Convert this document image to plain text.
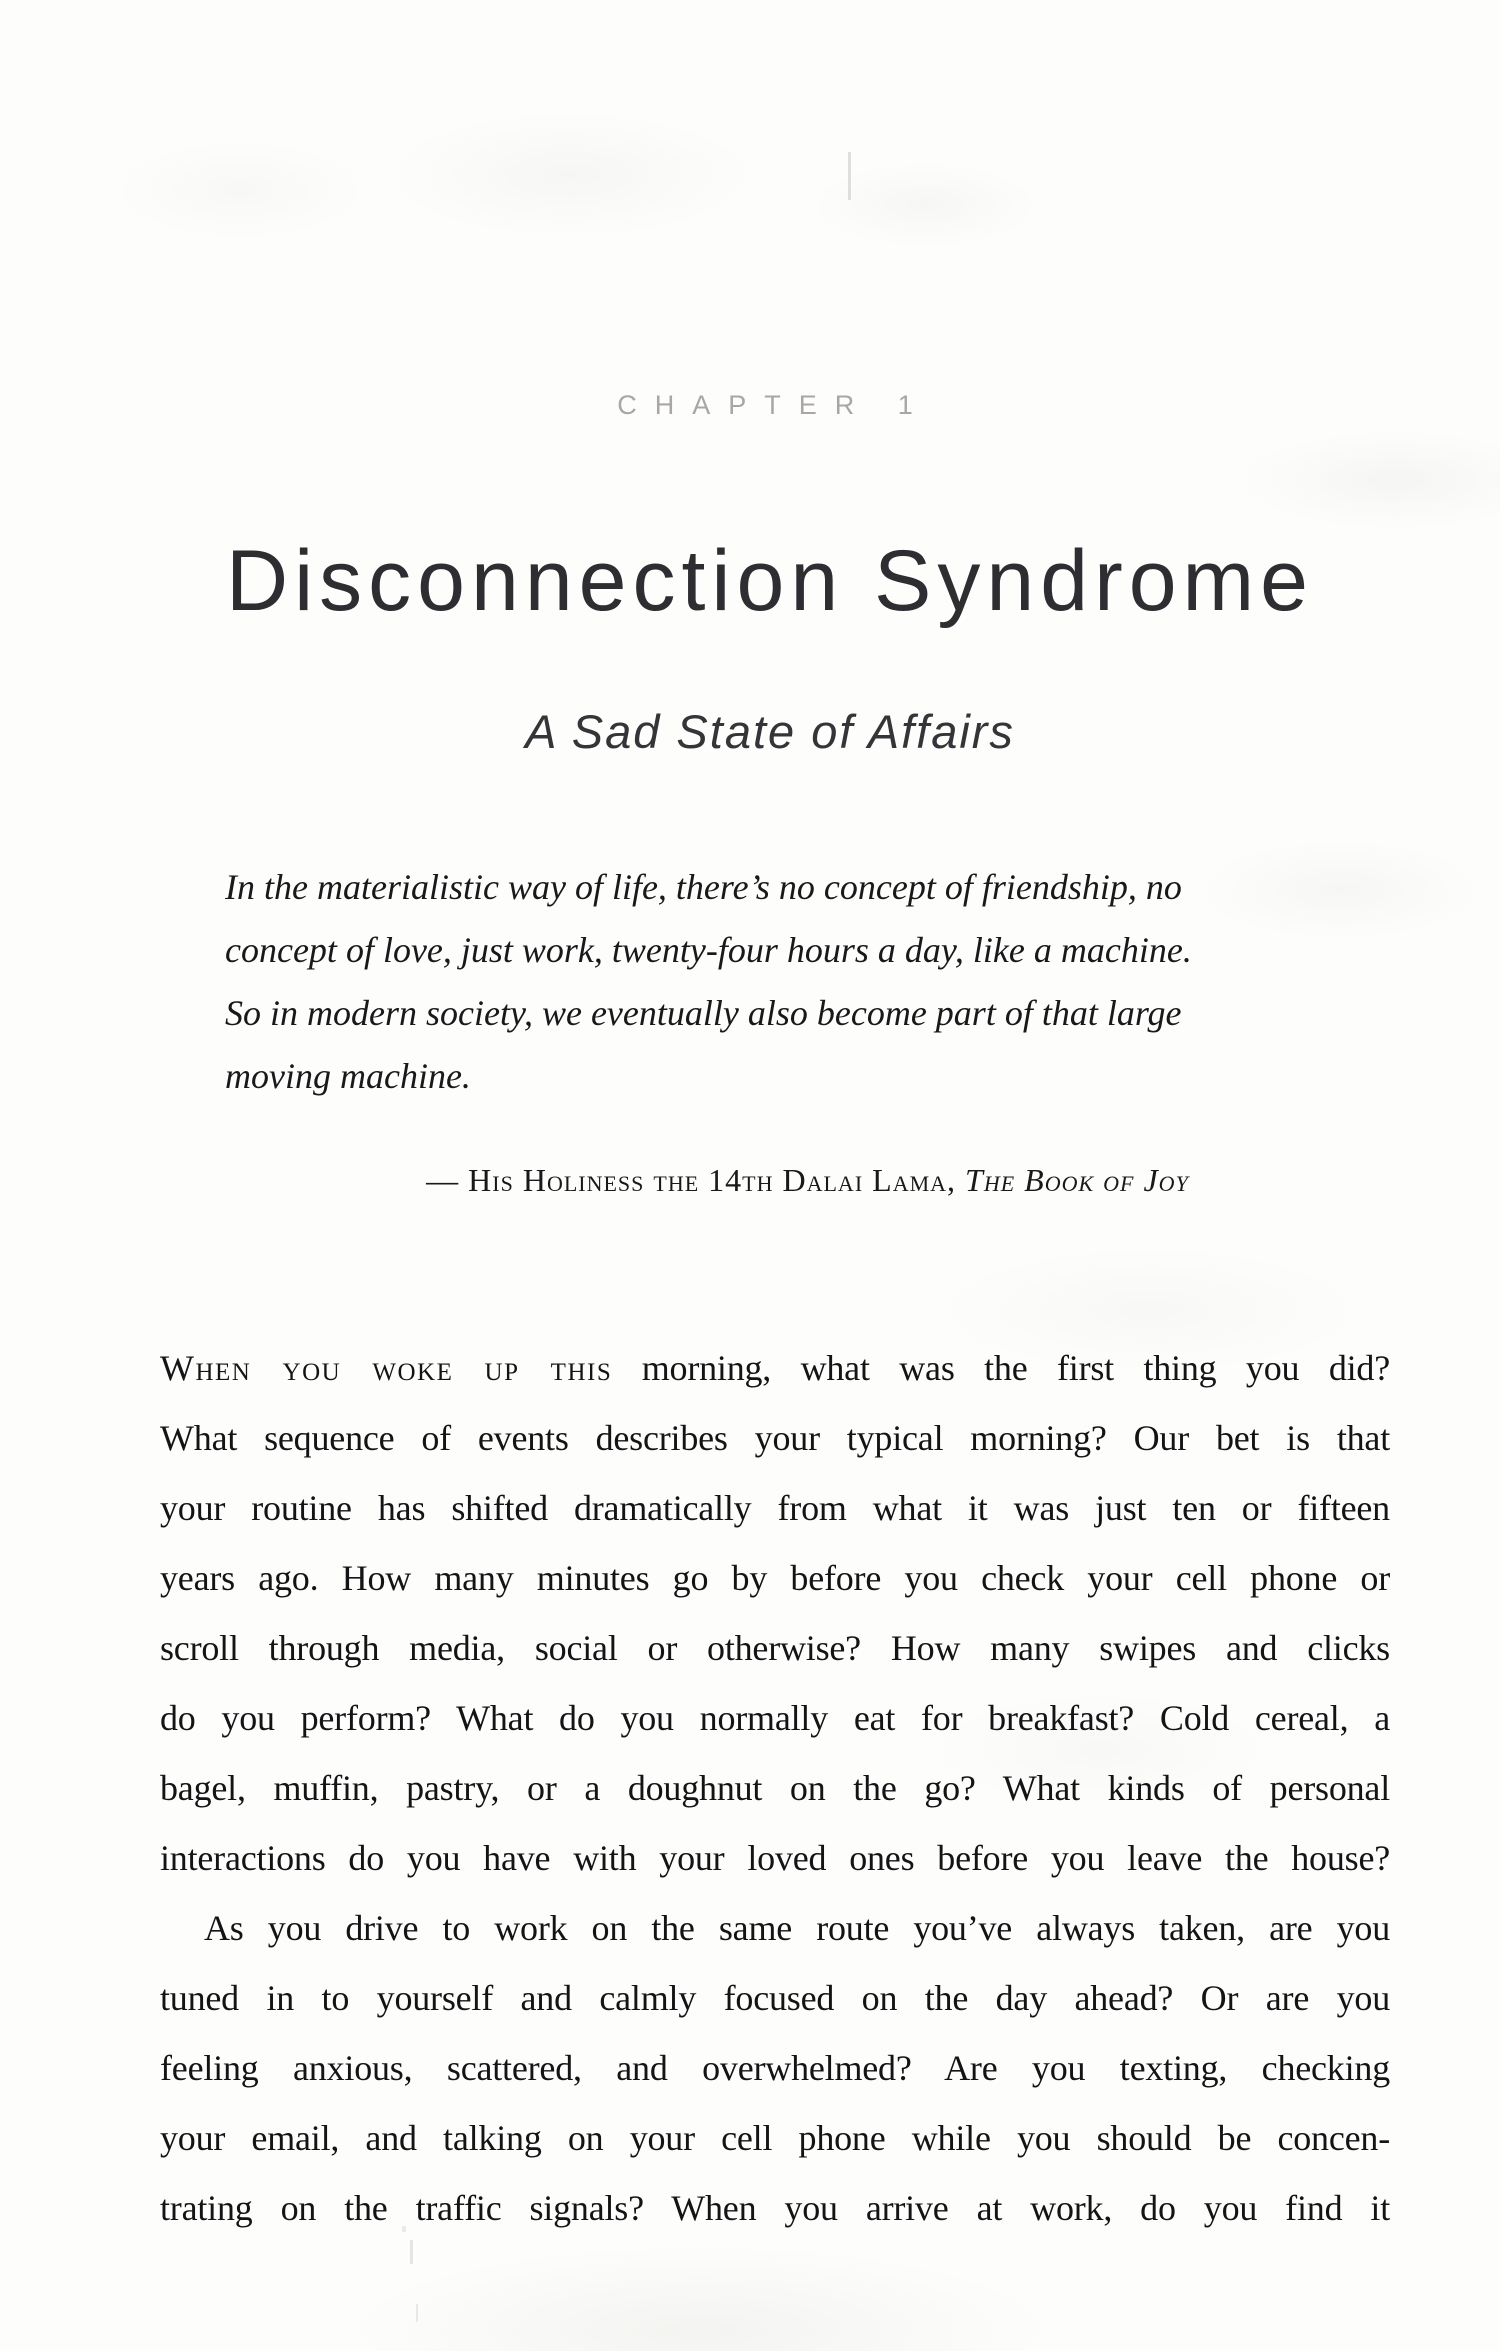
CHAPTER 1
Disconnection Syndrome
A Sad State of Affairs
In the materialistic way of life, there’s no concept of friendship, no
concept of love, just work, twenty-four hours a day, like a machine.
So in modern society, we eventually also become part of that large
moving machine.
— His Holiness the 14th Dalai Lama, The Book of Joy
When you woke up this morning, what was the first thing you did?
What sequence of events describes your typical morning? Our bet is that
your routine has shifted dramatically from what it was just ten or fifteen
years ago. How many minutes go by before you check your cell phone or
scroll through media, social or otherwise? How many swipes and clicks
do you perform? What do you normally eat for breakfast? Cold cereal, a
bagel, muffin, pastry, or a doughnut on the go? What kinds of personal
interactions do you have with your loved ones before you leave the house?
As you drive to work on the same route you’ve always taken, are you
tuned in to yourself and calmly focused on the day ahead? Or are you
feeling anxious, scattered, and overwhelmed? Are you texting, checking
your email, and talking on your cell phone while you should be concen-
trating on the traffic signals? When you arrive at work, do you find it
